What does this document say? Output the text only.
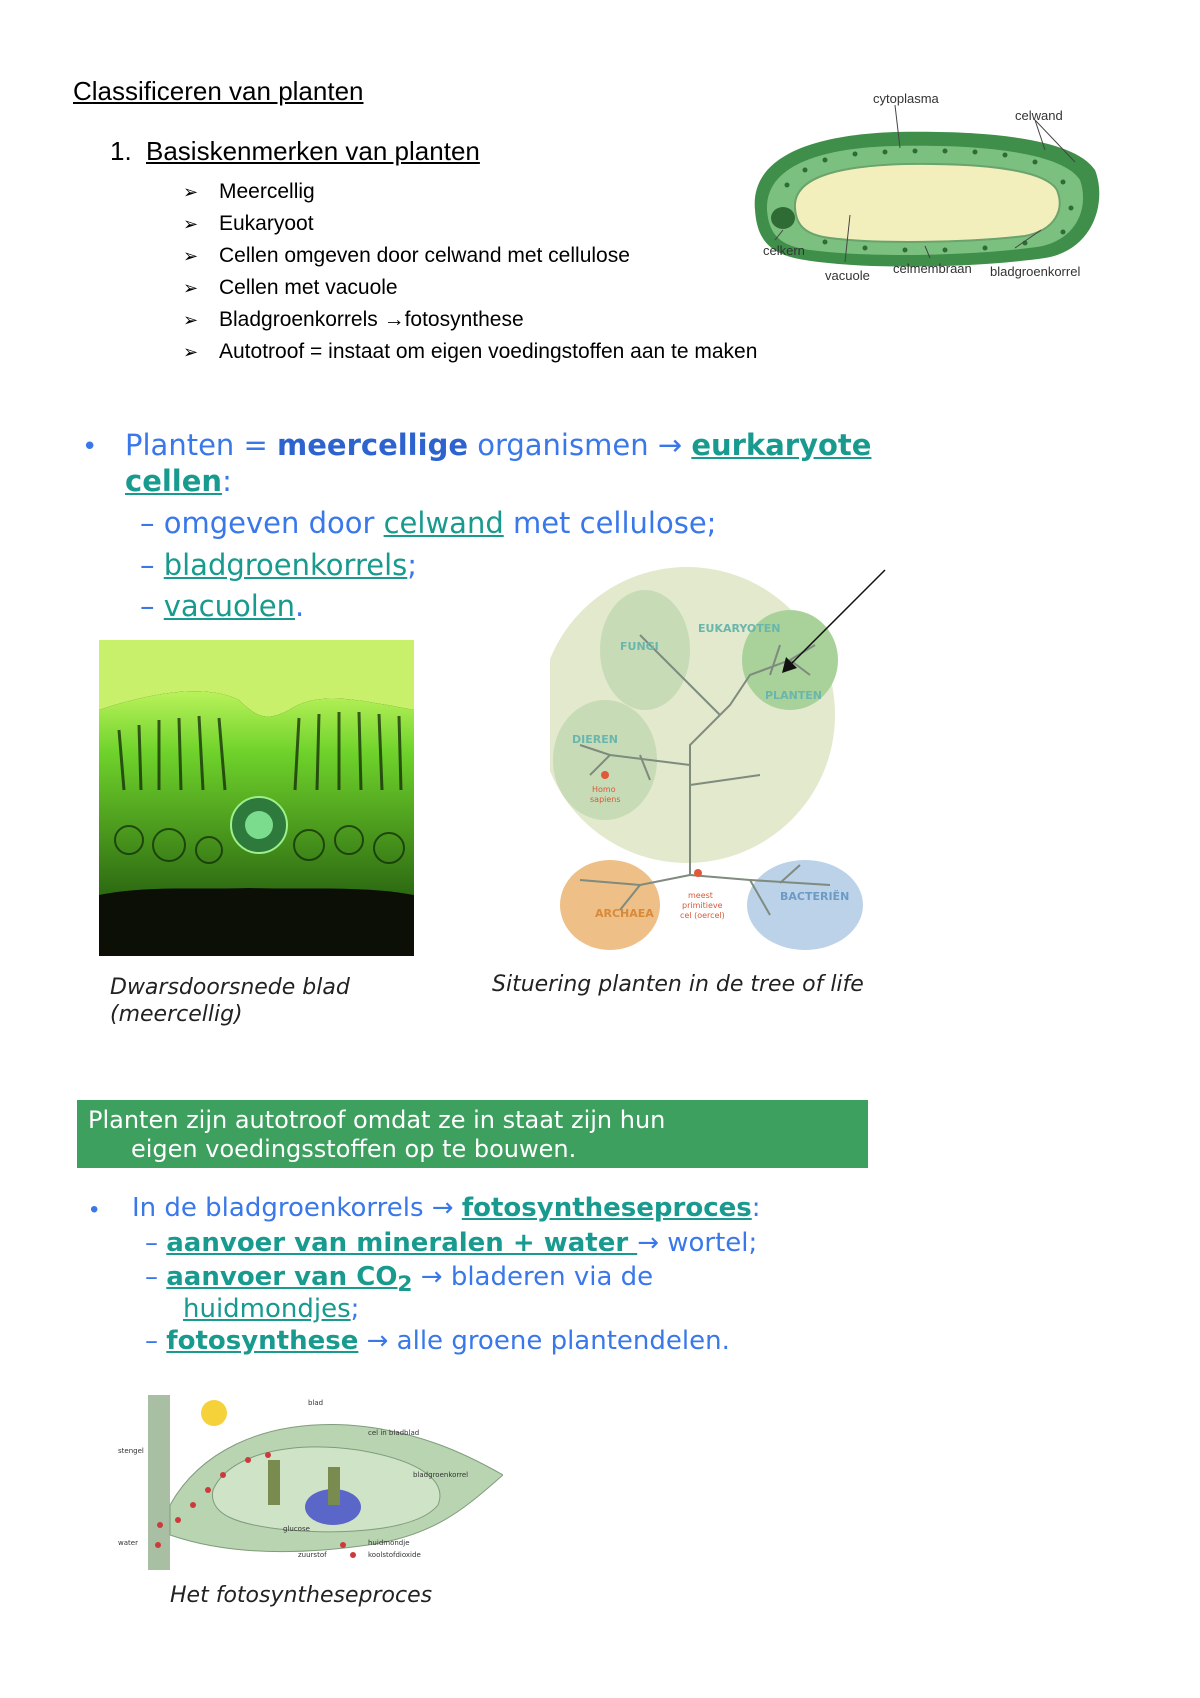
Classificeren van planten
1. Basiskenmerken van planten
➢ Meercellig
➢ Eukaryoot
➢ Cellen omgeven door celwand met cellulose
➢ Cellen met vacuole
➢ Bladgroenkorrels →fotosynthese
➢ Autotroof = instaat om eigen voedingstoffen aan te maken
cytoplasma
celwand
celkern
vacuole celmembraan bladgroenkorrel
• Planten = meercellige organismen → eurkaryote
cellen:
– omgeven door celwand met cellulose;
– bladgroenkorrels;
– vacuolen.
Dwarsdoorsnede blad
(meercellig)
EUKARYOTEN
FUNGI
PLANTEN
DIEREN
Homo
sapiens
ARCHAEA
BACTERIËN
meest
primitieve
cel (oercel)
Situering planten in de tree of life
Planten zijn autotroof omdat ze in staat zijn hun
eigen voedingsstoffen op te bouwen.
• In de bladgroenkorrels → fotosyntheseproces:
– aanvoer van mineralen + water → wortel;
– aanvoer van $CO_2$ → bladeren via de
huidmondjes;
– fotosynthese → alle groene plantendelen.
blad
cel in bladblad
bladgroenkorrel
stengel
water
glucose
huidmondje
zuurstof	koolstofdioxide
Het fotosyntheseproces
